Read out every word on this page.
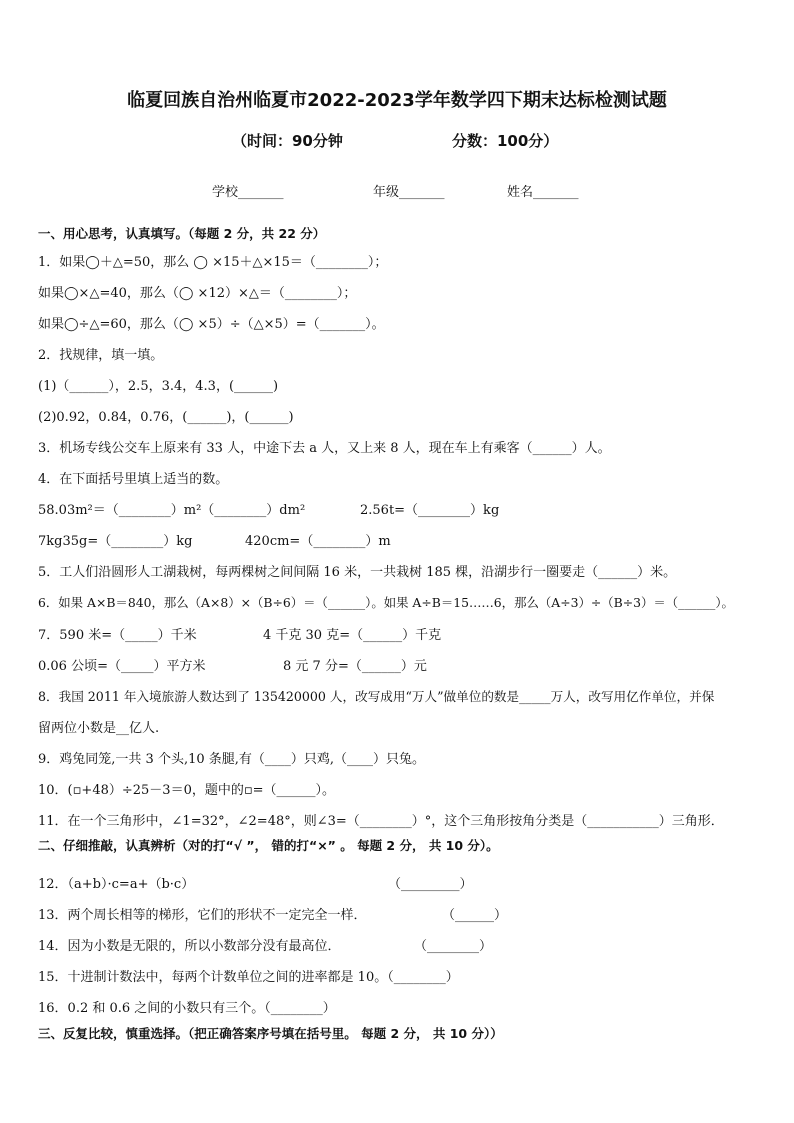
临夏回族自治州临夏市2022-2023学年数学四下期末达标检测试题
（时间：90分钟	分数：100分）
学校_______	年级_______	姓名_______
一、用心思考，认真填写。（每题 2 分，共 22 分）
1．如果◯＋△=50，那么 ◯ ×15＋△×15＝（________）；
如果◯×△=40，那么（◯ ×12）×△＝（________）；
如果◯÷△=60，那么（◯ ×5）÷（△×5）=（_______）。
2．找规律，填一填。
(1)（______），2.5，3.4，4.3，(______)
(2)0.92，0.84，0.76，(______)，(______)
3．机场专线公交车上原来有 33 人，中途下去 a 人，又上来 8 人，现在车上有乘客（______）人。
4．在下面括号里填上适当的数。
58.03m²＝（________）m²（________）dm²	2.56t=（________）kg
7kg35g=（________）kg	420cm=（________）m
5．工人们沿圆形人工湖栽树，每两棵树之间间隔 16 米，一共栽树 185 棵，沿湖步行一圈要走（______）米。
6．如果 A×B＝840，那么（A×8）×（B÷6）＝（______）。如果 A÷B＝15……6，那么（A÷3）÷（B÷3）＝（______）。
7．590 米=（_____）千米	4 千克 30 克=（______）千克
0.06 公顷=（_____）平方米	8 元 7 分=（______）元
8．我国 2011 年入境旅游人数达到了 135420000 人，改写成用“万人”做单位的数是_____万人，改写用亿作单位，并保
留两位小数是__亿人.
9．鸡兔同笼,一共 3 个头,10 条腿,有（____）只鸡,（____）只兔。
10．(▫+48）÷25－3＝0，题中的▫=（______）。
11．在一个三角形中，∠1=32°，∠2=48°，则∠3=（________）°，这个三角形按角分类是（___________）三角形．
二、仔细推敲，认真辨析（对的打“√ ”， 错的打“×” 。 每题 2 分， 共 10 分）。
12．（a+b）·c=a+（b·c）	（_________）
13．两个周长相等的梯形，它们的形状不一定完全一样．	（______）
14．因为小数是无限的，所以小数部分没有最高位．	（________）
15．十进制计数法中，每两个计数单位之间的进率都是 10。（________）
16．0.2 和 0.6 之间的小数只有三个。（________）
三、反复比较，慎重选择。（把正确答案序号填在括号里。 每题 2 分， 共 10 分））
